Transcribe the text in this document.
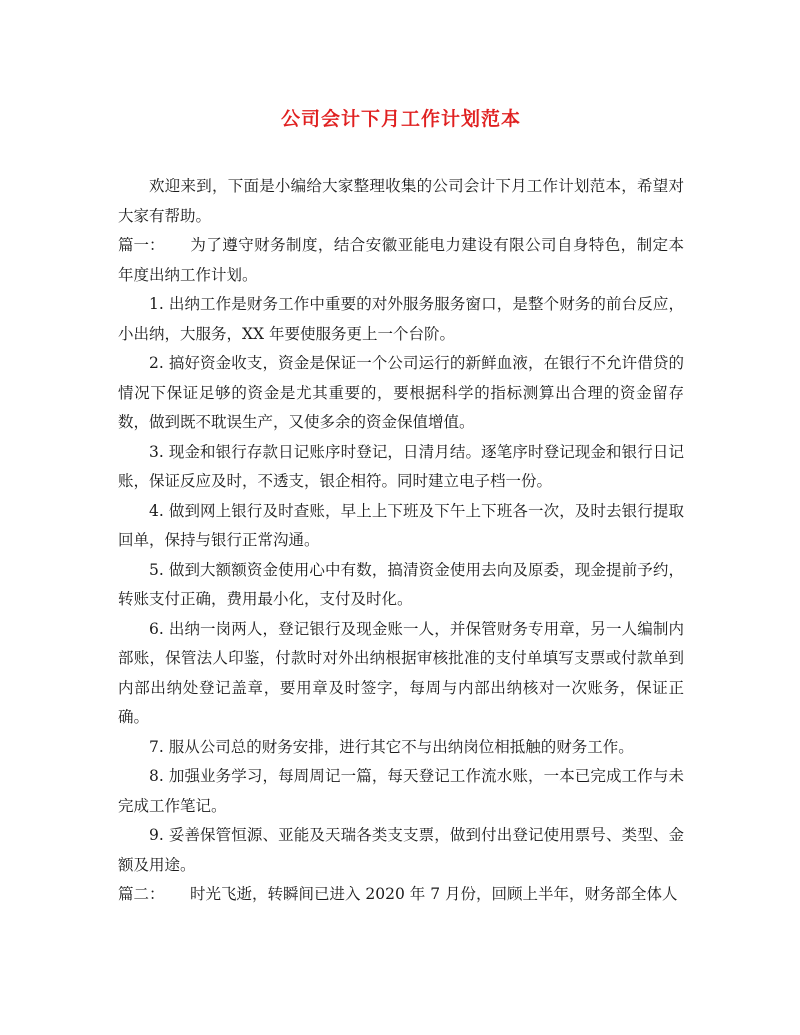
公司会计下月工作计划范本

欢迎来到，下面是小编给大家整理收集的公司会计下月工作计划范本，希望对大家有帮助。

篇一： 为了遵守财务制度，结合安徽亚能电力建设有限公司自身特色，制定本年度出纳工作计划。

1. 出纳工作是财务工作中重要的对外服务服务窗口，是整个财务的前台反应，小出纳，大服务，XX 年要使服务更上一个台阶。

2. 搞好资金收支，资金是保证一个公司运行的新鲜血液，在银行不允许借贷的情况下保证足够的资金是尤其重要的，要根据科学的指标测算出合理的资金留存数，做到既不耽误生产，又使多余的资金保值增值。

3. 现金和银行存款日记账序时登记，日清月结。逐笔序时登记现金和银行日记账，保证反应及时，不透支，银企相符。同时建立电子档一份。

4. 做到网上银行及时查账，早上上下班及下午上下班各一次，及时去银行提取回单，保持与银行正常沟通。

5. 做到大额额资金使用心中有数，搞清资金使用去向及原委，现金提前予约，转账支付正确，费用最小化，支付及时化。

6. 出纳一岗两人，登记银行及现金账一人，并保管财务专用章，另一人编制内部账，保管法人印鉴，付款时对外出纳根据审核批准的支付单填写支票或付款单到内部出纳处登记盖章，要用章及时签字，每周与内部出纳核对一次账务，保证正确。

7. 服从公司总的财务安排，进行其它不与出纳岗位相抵触的财务工作。

8. 加强业务学习，每周周记一篇，每天登记工作流水账，一本已完成工作与未完成工作笔记。

9. 妥善保管恒源、亚能及天瑞各类支支票，做到付出登记使用票号、类型、金额及用途。

篇二： 时光飞逝，转瞬间已进入 2020 年 7 月份，回顾上半年，财务部全体人
